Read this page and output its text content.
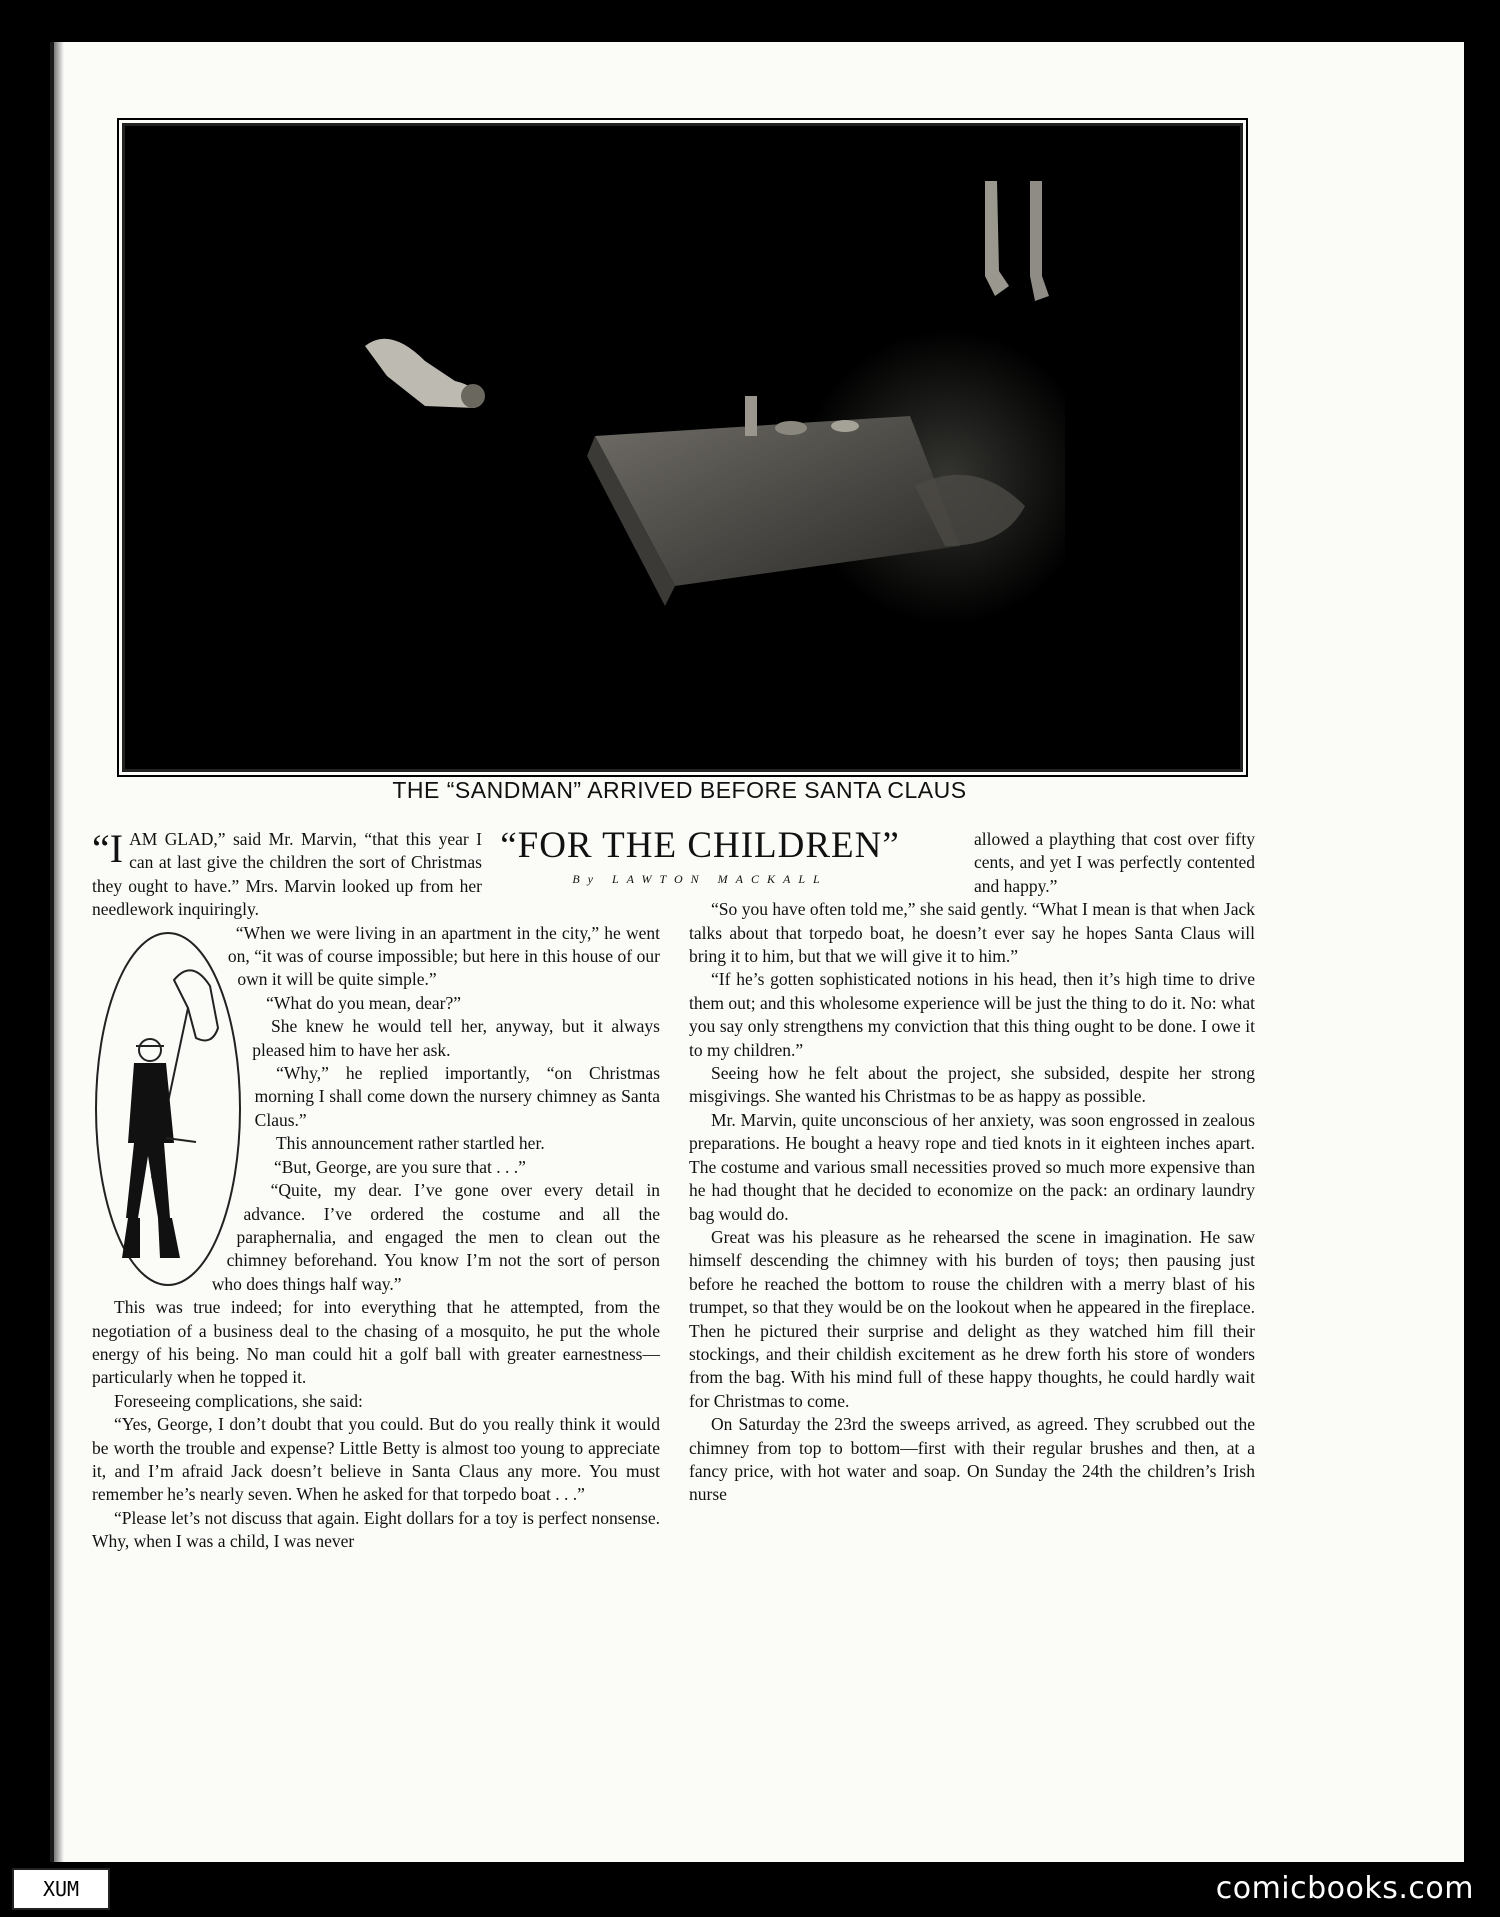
THE “SANDMAN” ARRIVED BEFORE SANTA CLAUS
“FOR THE CHILDREN”
By LAWTON MACKALL
“I AM GLAD,” said Mr. Marvin, “that this year I can at last give the children the sort of Christmas they ought to have.” Mrs. Marvin looked up from her needlework inquiringly.

“When we were living in an apartment in the city,” he went on, “it was of course impossible; but here in this house of our own it will be quite simple.”

“What do you mean, dear?”

She knew he would tell her, anyway, but it always pleased him to have her ask.

“Why,” he replied importantly, “on Christmas morning I shall come down the nursery chimney as Santa Claus.”

This announcement rather startled her.

“But, George, are you sure that . . .”

“Quite, my dear. I’ve gone over every detail in advance. I’ve ordered the costume and all the paraphernalia, and engaged the men to clean out the chimney beforehand. You know I’m not the sort of person who does things half way.”

This was true indeed; for into everything that he attempted, from the negotiation of a business deal to the chasing of a mosquito, he put the whole energy of his being. No man could hit a golf ball with greater earnestness—particularly when he topped it.

Foreseeing complications, she said:

“Yes, George, I don’t doubt that you could. But do you really think it would be worth the trouble and expense? Little Betty is almost too young to appreciate it, and I’m afraid Jack doesn’t believe in Santa Claus any more. You must remember he’s nearly seven. When he asked for that torpedo boat . . .”

“Please let’s not discuss that again. Eight dollars for a toy is perfect nonsense. Why, when I was a child, I was never

allowed a plaything that cost over fifty cents, and yet I was perfectly contented and happy.”

“So you have often told me,” she said gently. “What I mean is that when Jack talks about that torpedo boat, he doesn’t ever say he hopes Santa Claus will bring it to him, but that we will give it to him.”

“If he’s gotten sophisticated notions in his head, then it’s high time to drive them out; and this wholesome experience will be just the thing to do it. No: what you say only strengthens my conviction that this thing ought to be done. I owe it to my children.”

Seeing how he felt about the project, she subsided, despite her strong misgivings. She wanted his Christmas to be as happy as possible.

Mr. Marvin, quite unconscious of her anxiety, was soon engrossed in zealous preparations. He bought a heavy rope and tied knots in it eighteen inches apart. The costume and various small necessities proved so much more expensive than he had thought that he decided to economize on the pack: an ordinary laundry bag would do.

Great was his pleasure as he rehearsed the scene in imagination. He saw himself descending the chimney with his burden of toys; then pausing just before he reached the bottom to rouse the children with a merry blast of his trumpet, so that they would be on the lookout when he appeared in the fireplace. Then he pictured their surprise and delight as they watched him fill their stockings, and their childish excitement as he drew forth his store of wonders from the bag. With his mind full of these happy thoughts, he could hardly wait for Christmas to come.

On Saturday the 23rd the sweeps arrived, as agreed. They scrubbed out the chimney from top to bottom—first with their regular brushes and then, at a fancy price, with hot water and soap. On Sunday the 24th the children’s Irish nurse

XUM	comicbooks.com
